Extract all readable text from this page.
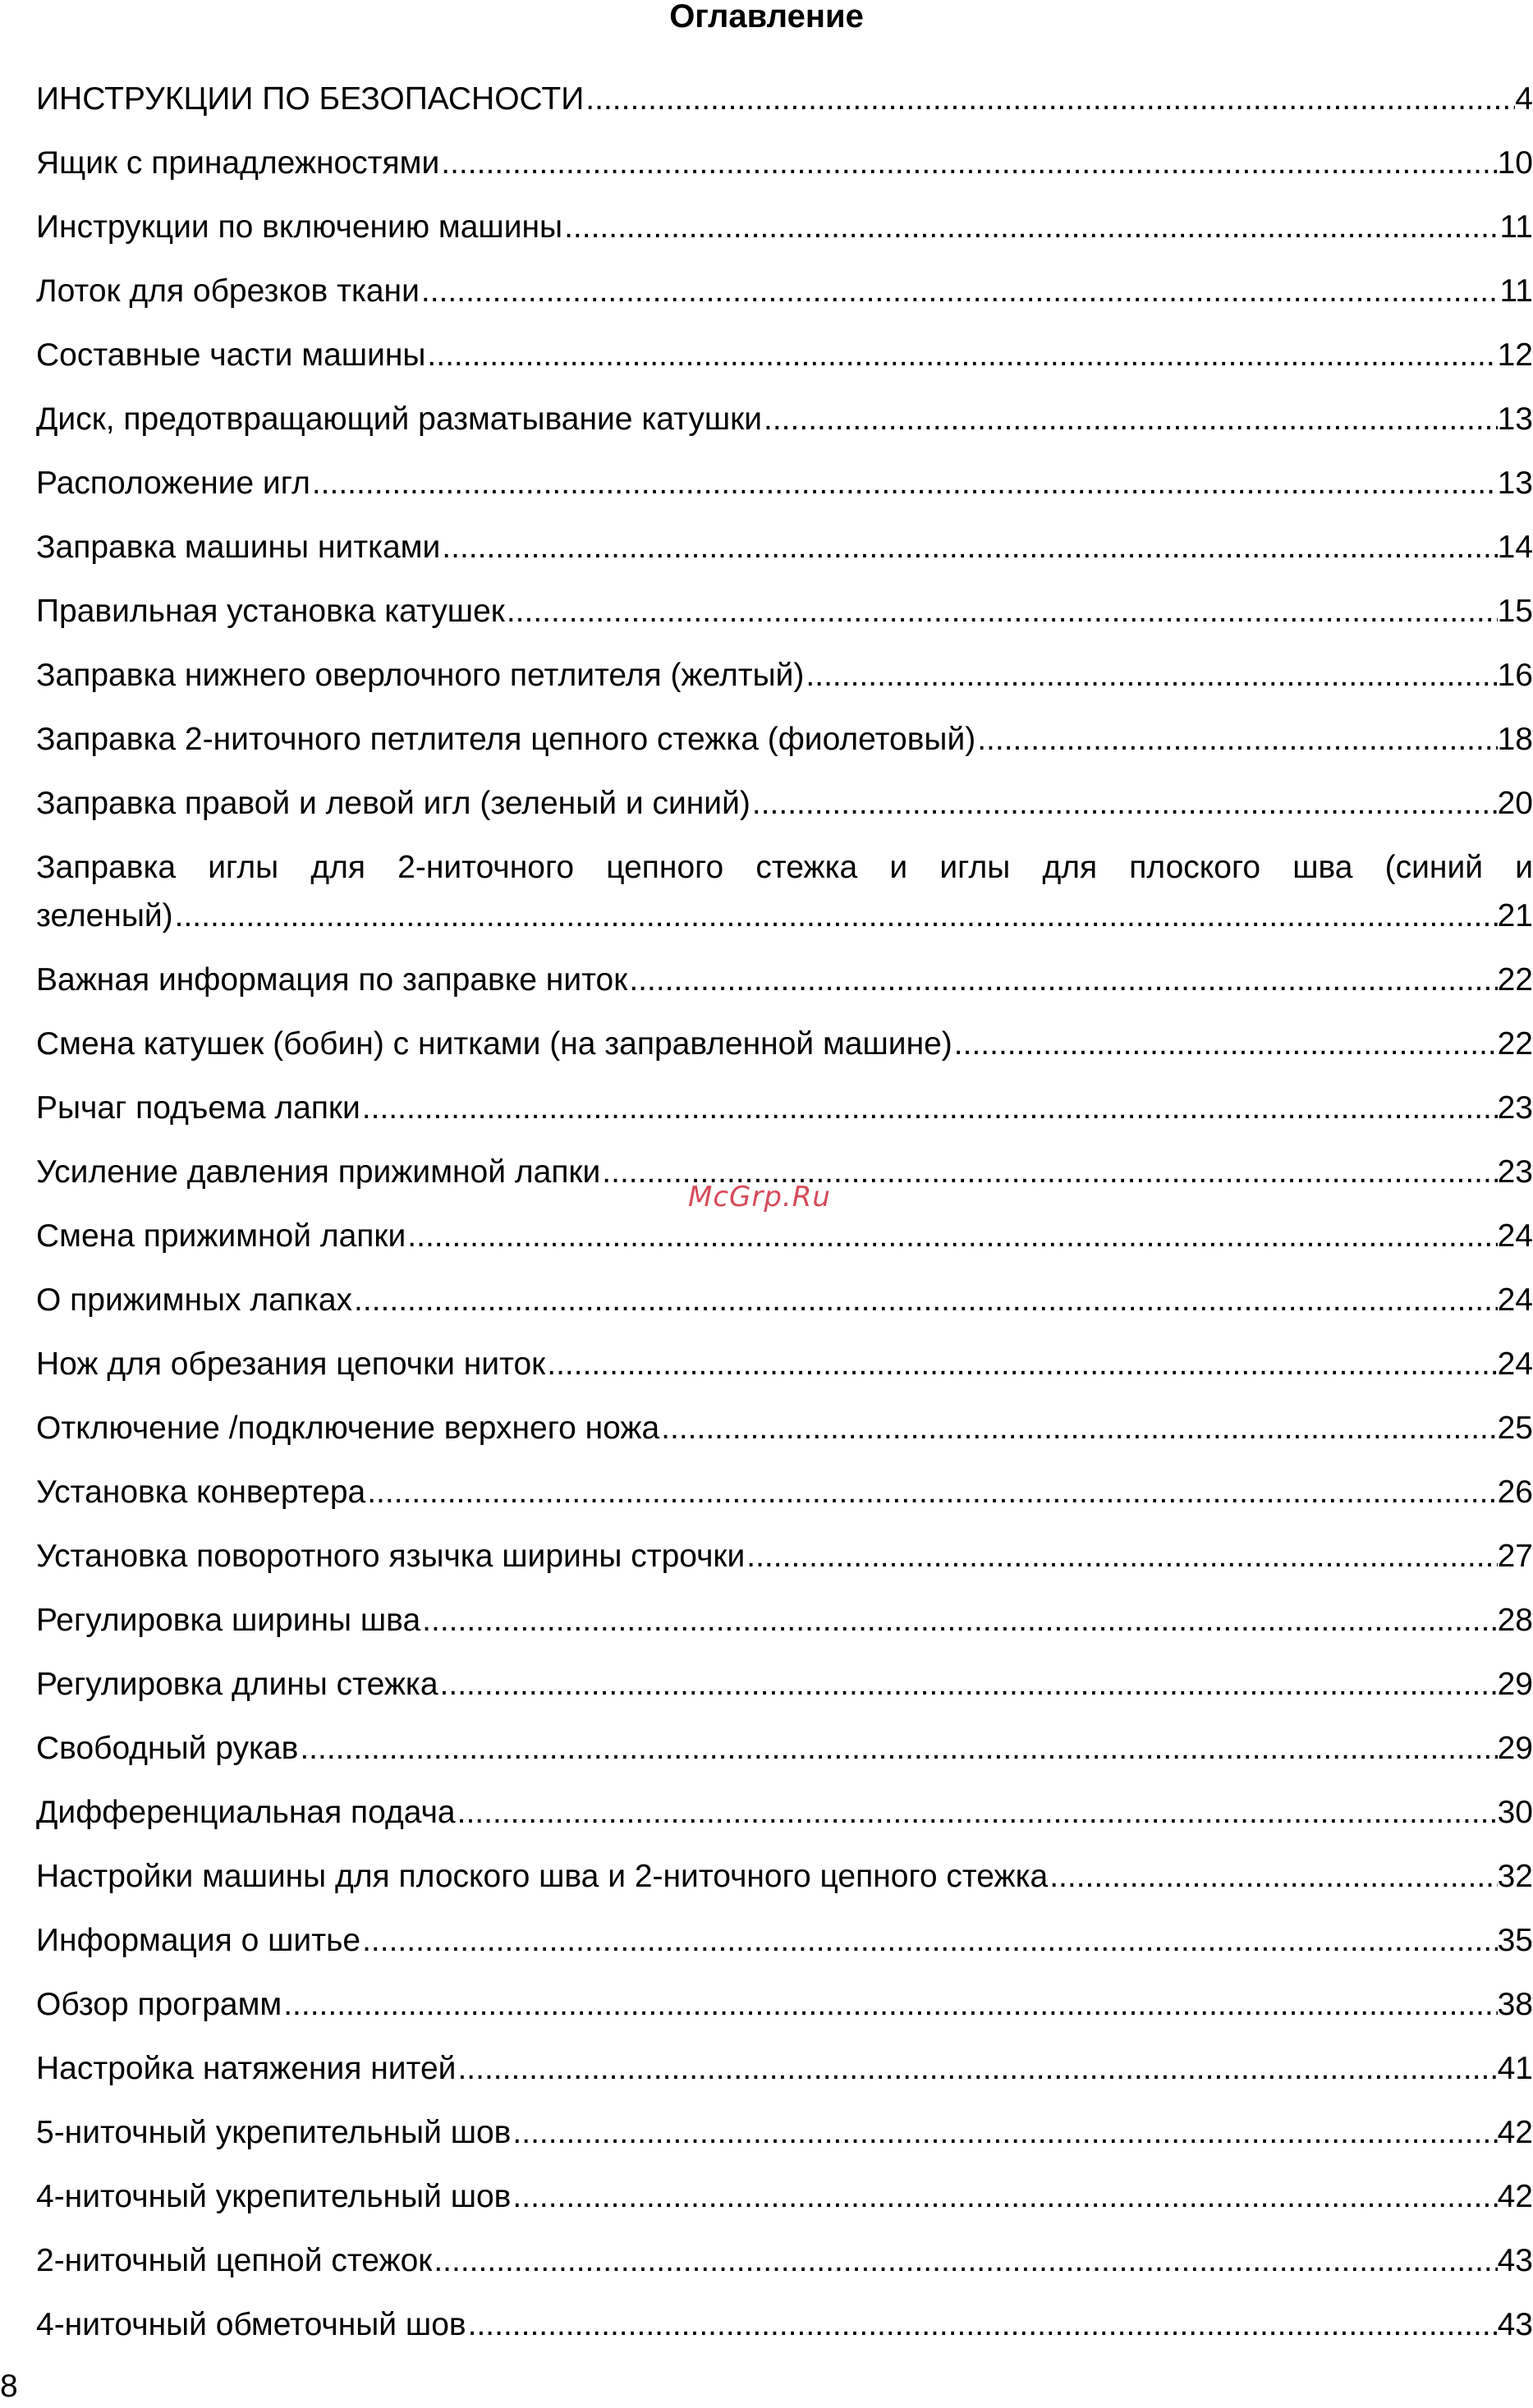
Оглавление
ИНСТРУКЦИИ ПО БЕЗОПАСНОСТИ .....	4
Ящик с принадлежностями .....	10
Инструкции по включению машины .....	11
Лоток для обрезков ткани .....	11
Составные части машины .....	12
Диск, предотвращающий разматывание катушки .....	13
Расположение игл .....	13
Заправка машины нитками .....	14
Правильная установка катушек .....	15
Заправка нижнего оверлочного петлителя (желтый) .....	16
Заправка 2-ниточного петлителя цепного стежка (фиолетовый) .....	18
Заправка правой и левой игл (зеленый и синий) .....	20
Заправка иглы для 2-ниточного цепного стежка и иглы для плоского шва (синий и
зеленый) .....	21
Важная информация по заправке ниток .....	22
Смена катушек (бобин) с нитками (на заправленной машине) .....	22
Рычаг подъема лапки .....	23
Усиление давления прижимной лапки .....	23
Смена прижимной лапки .....	24
О прижимных лапках .....	24
Нож для обрезания цепочки ниток .....	24
Отключение /подключение верхнего ножа .....	25
Установка конвертера .....	26
Установка поворотного язычка ширины строчки .....	27
Регулировка ширины шва .....	28
Регулировка длины стежка .....	29
Свободный рукав .....	29
Дифференциальная подача .....	30
Настройки машины для плоского шва и 2-ниточного цепного стежка .....	32
Информация о шитье .....	35
Обзор программ .....	38
Настройка натяжения нитей .....	41
5-ниточный укрепительный шов .....	42
4-ниточный укрепительный шов .....	42
2-ниточный цепной стежок .....	43
4-ниточный обметочный шов .....	43
McGrp.Ru
8
